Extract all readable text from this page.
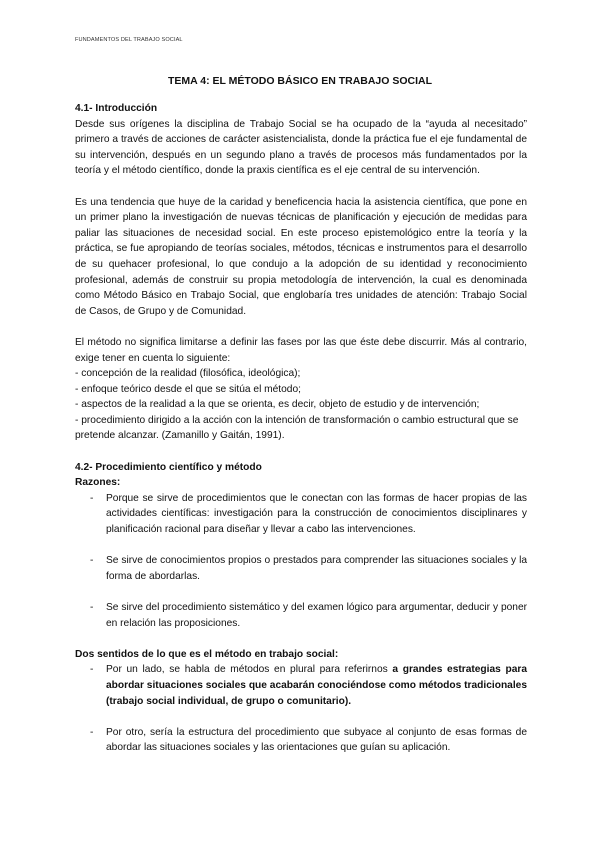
FUNDAMENTOS DEL TRABAJO SOCIAL
TEMA 4: EL MÉTODO BÁSICO EN TRABAJO SOCIAL

4.1- Introducción

Desde sus orígenes la disciplina de Trabajo Social se ha ocupado de la “ayuda al necesitado” primero a través de acciones de carácter asistencialista, donde la práctica fue el eje fundamental de su intervención, después en un segundo plano a través de procesos más fundamentados por la teoría y el método científico, donde la praxis científica es el eje central de su intervención.

Es una tendencia que huye de la caridad y beneficencia hacia la asistencia científica, que pone en un primer plano la investigación de nuevas técnicas de planificación y ejecución de medidas para paliar las situaciones de necesidad social. En este proceso epistemológico entre la teoría y la práctica, se fue apropiando de teorías sociales, métodos, técnicas e instrumentos para el desarrollo de su quehacer profesional, lo que condujo a la adopción de su identidad y reconocimiento profesional, además de construir su propia metodología de intervención, la cual es denominada como Método Básico en Trabajo Social, que englobaría tres unidades de atención: Trabajo Social de Casos, de Grupo y de Comunidad.

El método no significa limitarse a definir las fases por las que éste debe discurrir. Más al contrario, exige tener en cuenta lo siguiente:

- concepción de la realidad (filosófica, ideológica);

- enfoque teórico desde el que se sitúa el método;

- aspectos de la realidad a la que se orienta, es decir, objeto de estudio y de intervención;

- procedimiento dirigido a la acción con la intención de transformación o cambio estructural que se pretende alcanzar. (Zamanillo y Gaitán, 1991).

4.2- Procedimiento científico y método

Razones:

- Porque se sirve de procedimientos que le conectan con las formas de hacer propias de las actividades científicas: investigación para la construcción de conocimientos disciplinares y planificación racional para diseñar y llevar a cabo las intervenciones.
- Se sirve de conocimientos propios o prestados para comprender las situaciones sociales y la forma de abordarlas.
- Se sirve del procedimiento sistemático y del examen lógico para argumentar, deducir y poner en relación las proposiciones.

Dos sentidos de lo que es el método en trabajo social:

- Por un lado, se habla de métodos en plural para referirnos a grandes estrategias para abordar situaciones sociales que acabarán conociéndose como métodos tradicionales (trabajo social individual, de grupo o comunitario).
- Por otro, sería la estructura del procedimiento que subyace al conjunto de esas formas de abordar las situaciones sociales y las orientaciones que guían su aplicación.
